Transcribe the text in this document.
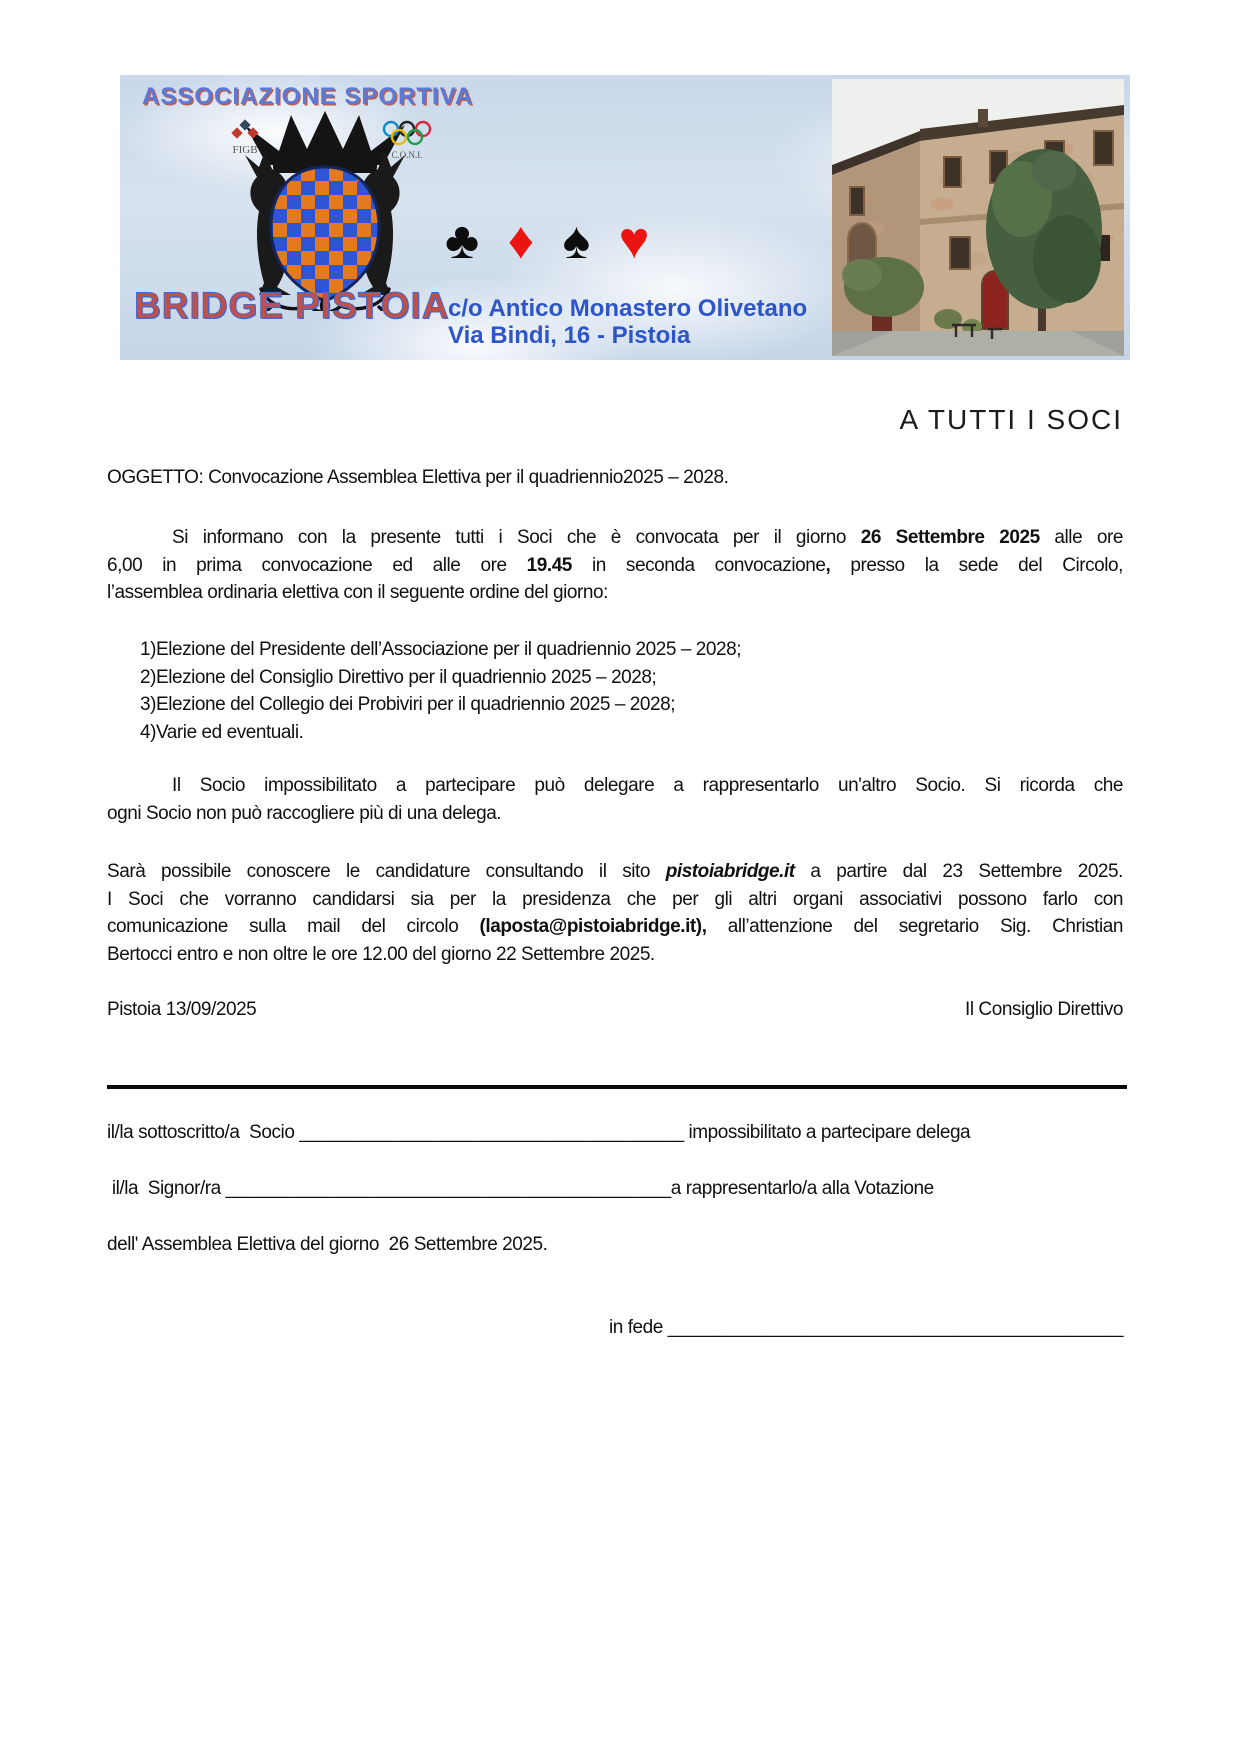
ASSOCIAZIONE SPORTIVA
FIGB	C.O.N.I.
BRIDGE PISTOIA
♣ ♦ ♠ ♥
c/o Antico Monastero Olivetano
Via Bindi, 16 - Pistoia
A TUTTI I SOCI
OGGETTO: Convocazione Assemblea Elettiva per il quadriennio2025 – 2028.
Si informano con la presente tutti i Soci che è convocata per il giorno 26 Settembre 2025 alle ore
6,00 in prima convocazione ed alle ore 19.45 in seconda convocazione, presso la sede del Circolo,
l’assemblea ordinaria elettiva con il seguente ordine del giorno:
1)Elezione del Presidente dell’Associazione per il quadriennio 2025 – 2028;
2)Elezione del Consiglio Direttivo per il quadriennio 2025 – 2028;
3)Elezione del Collegio dei Probiviri per il quadriennio 2025 – 2028;
4)Varie ed eventuali.
Il Socio impossibilitato a partecipare può delegare a rappresentarlo un'altro Socio. Si ricorda che
ogni Socio non può raccogliere più di una delega.
Sarà possibile conoscere le candidature consultando il sito pistoiabridge.it a partire dal 23 Settembre 2025.
I Soci che vorranno candidarsi sia per la presidenza che per gli altri organi associativi possono farlo con
comunicazione sulla mail del circolo (laposta@pistoiabridge.it), all’attenzione del segretario Sig. Christian
Bertocci entro e non oltre le ore 12.00 del giorno 22 Settembre 2025.
Pistoia 13/09/2025	Il Consiglio Direttivo
il/la sottoscritto/a  Socio ______________________________________ impossibilitato a partecipare delega
il/la  Signor/ra ____________________________________________a rappresentarlo/a alla Votazione
dell' Assemblea Elettiva del giorno  26 Settembre 2025.
in fede _____________________________________________
